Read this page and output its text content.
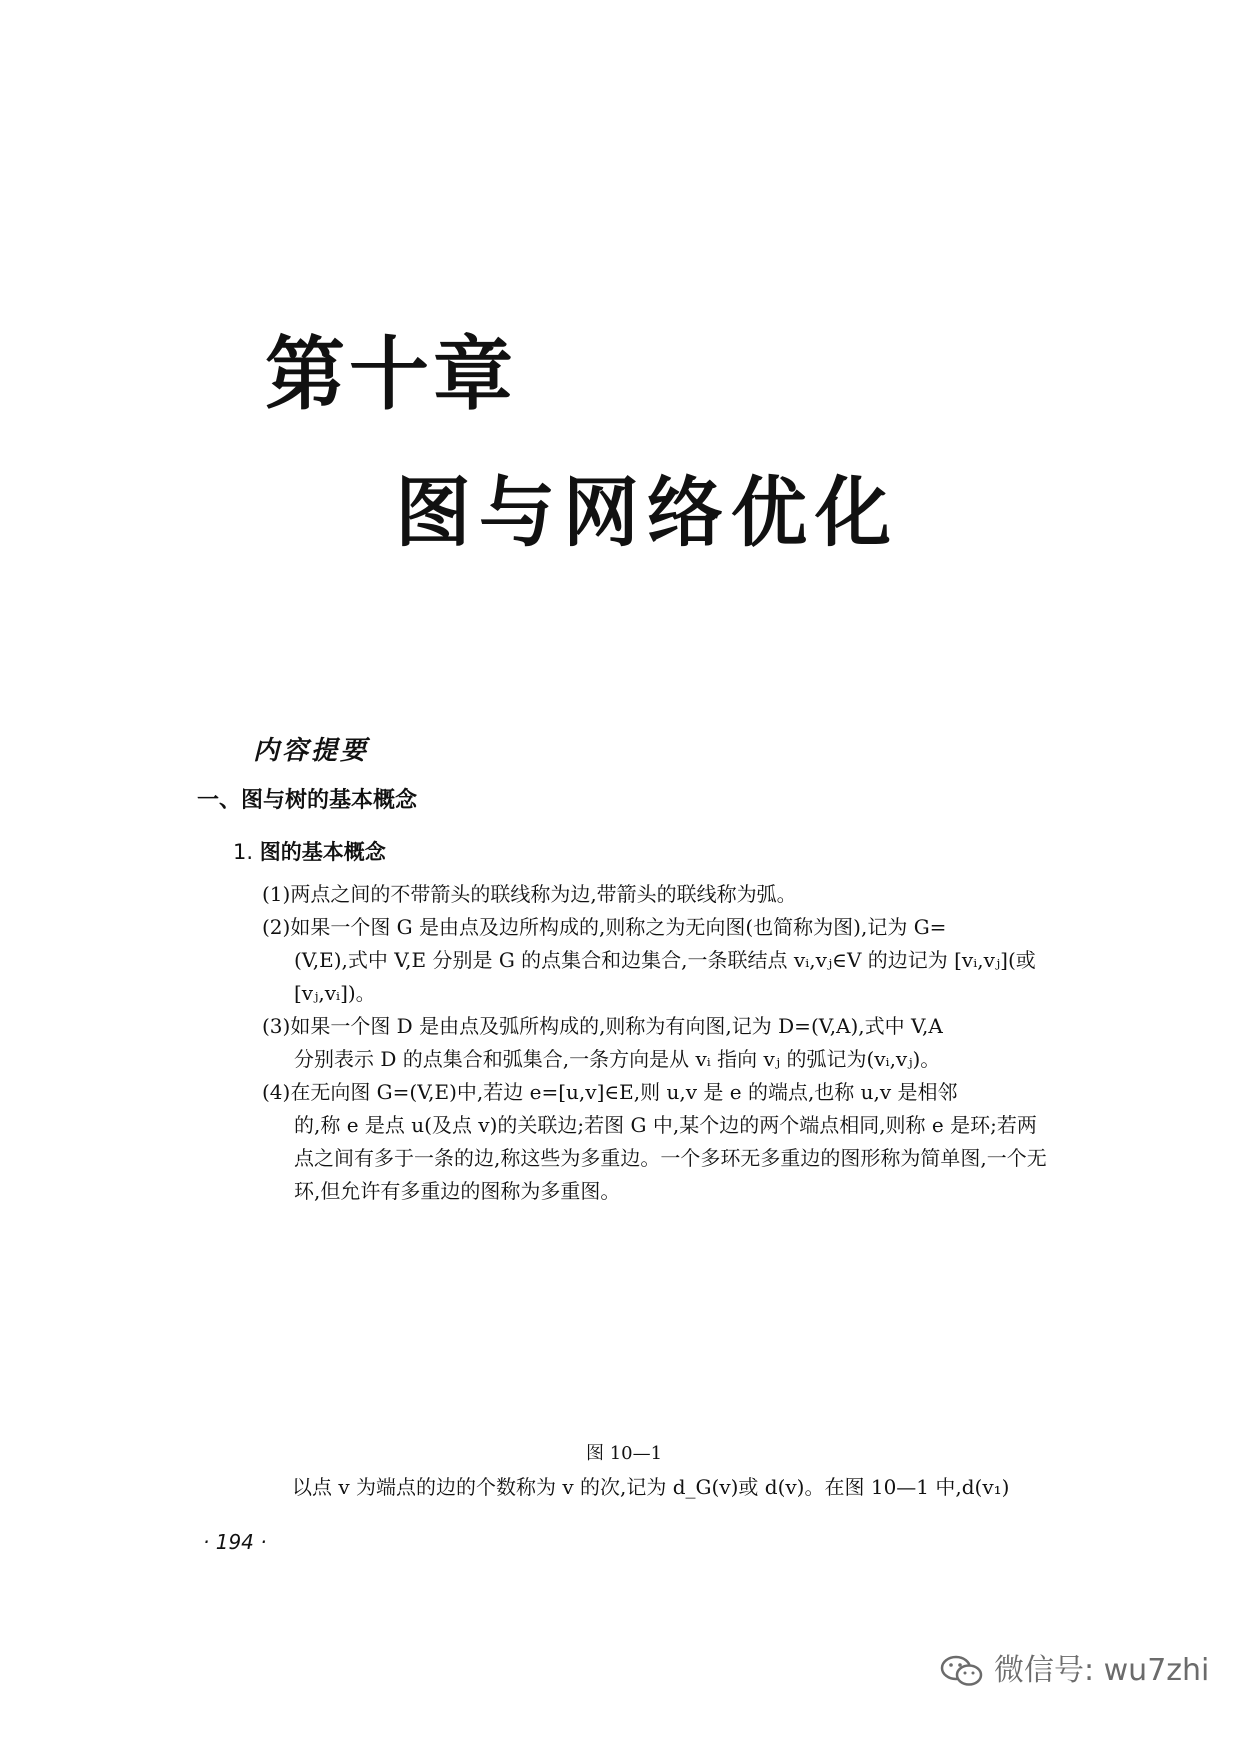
第十章
图与网络优化
内容提要
一、图与树的基本概念
1. 图的基本概念

(1)两点之间的不带箭头的联线称为边,带箭头的联线称为弧。

(2)如果一个图 G 是由点及边所构成的,则称之为无向图(也简称为图),记为 G=
(V,E),式中 V,E 分别是 G 的点集合和边集合,一条联结点 vᵢ,vⱼ∈V 的边记为 [vᵢ,vⱼ](或[vⱼ,vᵢ])。

(3)如果一个图 D 是由点及弧所构成的,则称为有向图,记为 D=(V,A),式中 V,A
分别表示 D 的点集合和弧集合,一条方向是从 vᵢ 指向 vⱼ 的弧记为(vᵢ,vⱼ)。

(4)在无向图 G=(V,E)中,若边 e=[u,v]∈E,则 u,v 是 e 的端点,也称 u,v 是相邻
的,称 e 是点 u(及点 v)的关联边;若图 G 中,某个边的两个端点相同,则称 e 是环;若两点之间有多于一条的边,称这些为多重边。一个多环无多重边的图形称为简单图,一个无环,但允许有多重边的图称为多重图。

图 10—1
以点 v 为端点的边的个数称为 v 的次,记为 d_G(v)或 d(v)。在图 10—1 中,d(v₁)
· 194 ·
微信号: wu7zhi
